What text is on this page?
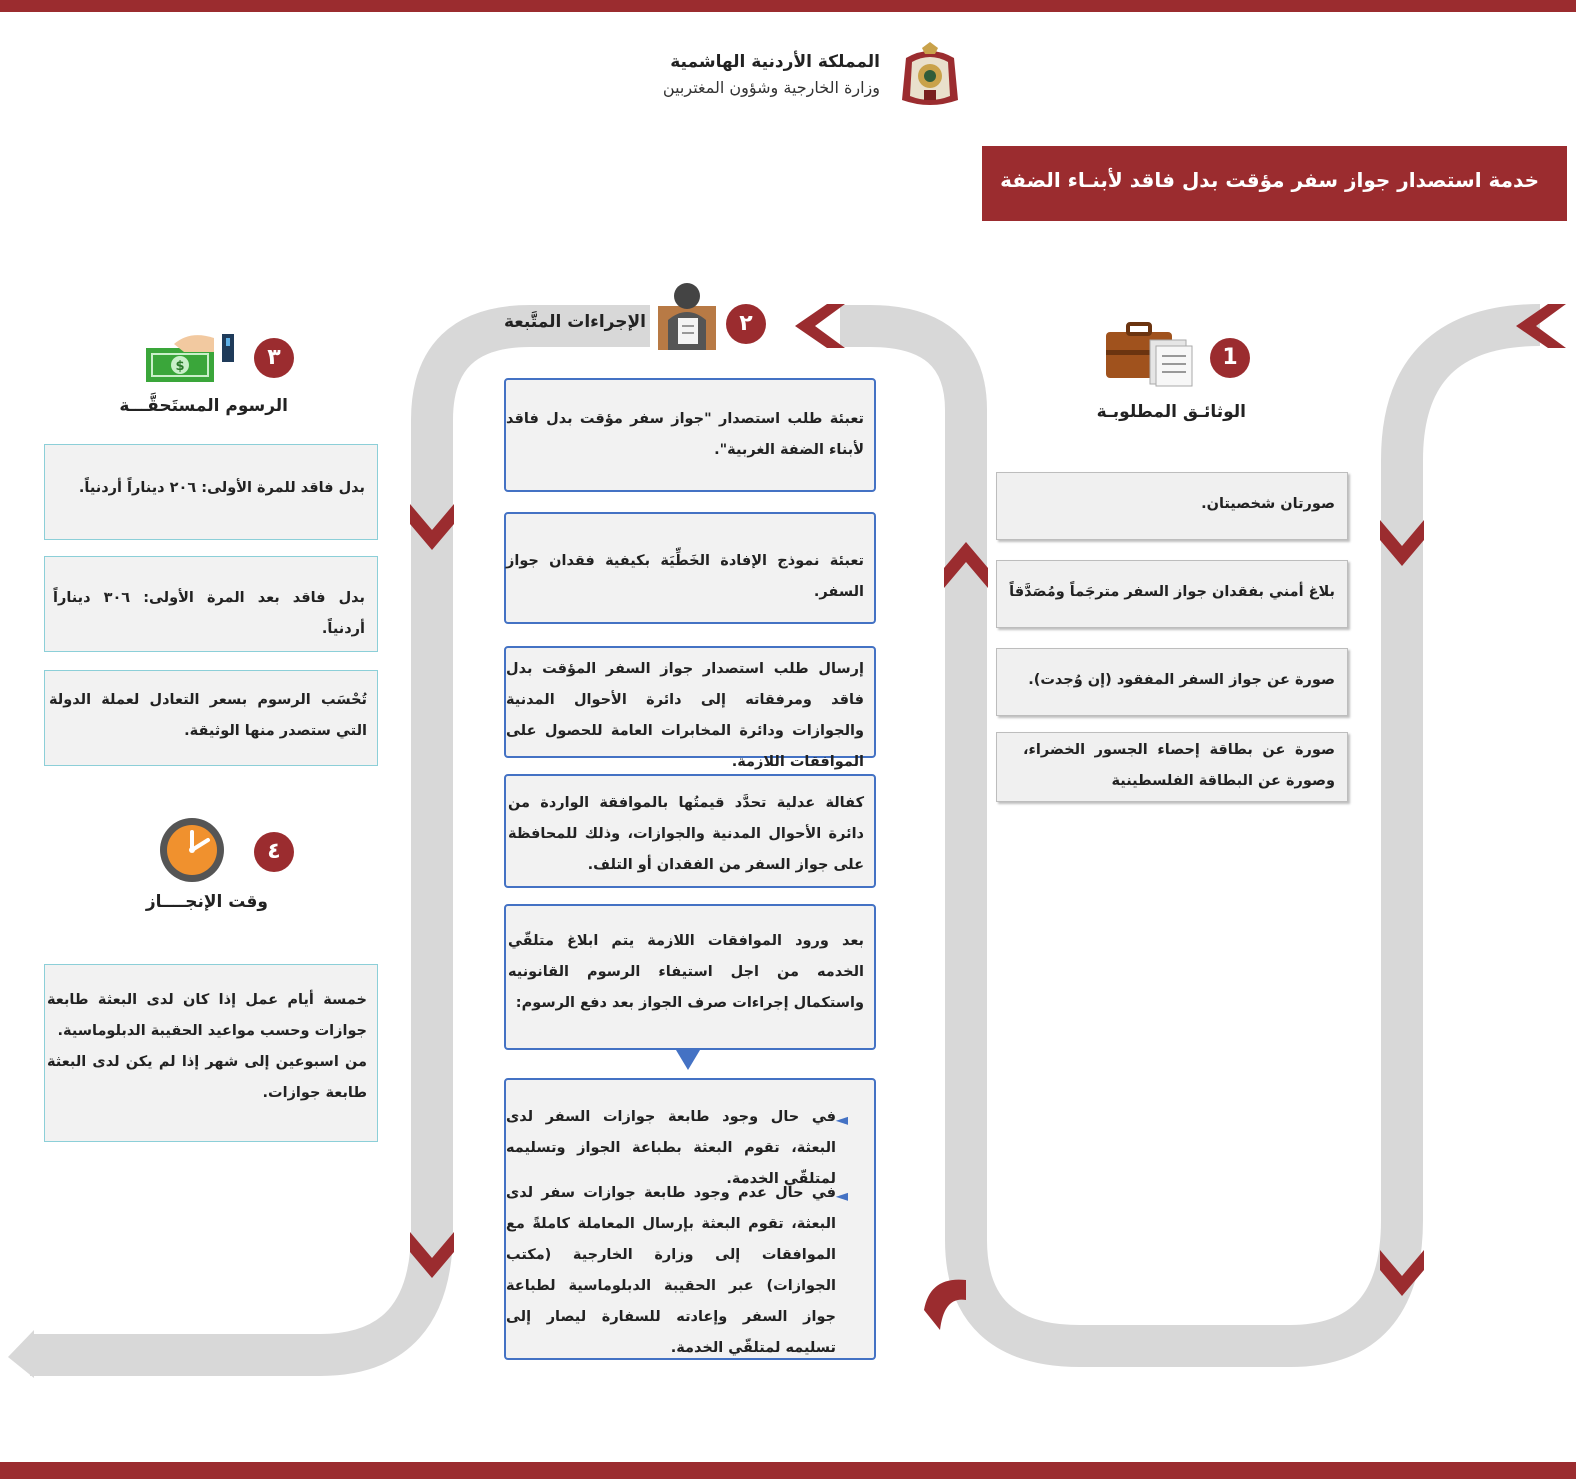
المملكة الأردنية الهاشمية
وزارة الخارجية وشؤون المغتربين
خدمة استصدار جواز سفر مؤقت بدل فاقد لأبنـاء الضفة
1
الوثائـق المطلوبـة
صورتان شخصيتان.
بلاغ أمني بفقدان جواز السفر مترجَماً ومُصَدَّقاً
صورة عن جواز السفر المفقود (إن وُجدت).
صورة عن بطاقة إحصاء الجسور الخضراء، وصورة عن البطاقة الفلسطينية
٢
الإجراءات المتَّبعة
تعبئة طلب استصدار "جواز سفر مؤقت بدل فاقد لأبناء الضفة الغربية".
تعبئة نموذج الإفادة الخَطِّيَة بكيفية فقدان جواز السفر.
إرسال طلب استصدار جواز السفر المؤقت بدل فاقد ومرفقاته إلى دائرة الأحوال المدنية والجوازات ودائرة المخابرات العامة للحصول على الموافقات اللازمة.
كفالة عدلية تحدَّد قيمتُها بالموافقة الواردة من دائرة الأحوال المدنية والجوازات، وذلك للمحافظة على جواز السفر من الفقدان أو التلف.
بعد ورود الموافقات اللازمة يتم ابلاغ متلقّي الخدمه من اجل استيفاء الرسوم القانونيه واستكمال إجراءات صرف الجواز بعد دفع الرسوم:
◄
في حال وجود طابعة جوازات السفر لدى البعثة، تقوم البعثة بطباعة الجواز وتسليمه لمتلقّي الخدمة.
◄
في حال عدم وجود طابعة جوازات سفر لدى البعثة، تقوم البعثة بإرسال المعاملة كاملةً مع الموافقات إلى وزارة الخارجية (مكتب الجوازات) عبر الحقيبة الدبلوماسية لطباعة جواز السفر وإعادته للسفارة ليصار إلى تسليمه لمتلقّي الخدمة.
٣
$
الرسوم المستَحقَّـــة
بدل فاقد للمرة الأولى: ٢٠٦ ديناراً أردنياً.
بدل فاقد بعد المرة الأولى: ٣٠٦ ديناراً أردنياً.
تُحْسَب الرسوم بسعر التعادل لعملة الدولة التي ستصدر منها الوثيقة.
٤
وقت الإنجــــاز
خمسة أيام عمل إذا كان لدى البعثة طابعة جوازات وحسب مواعيد الحقيبة الدبلوماسية.
من اسبوعين إلى شهر إذا لم يكن لدى البعثة طابعة جوازات.
